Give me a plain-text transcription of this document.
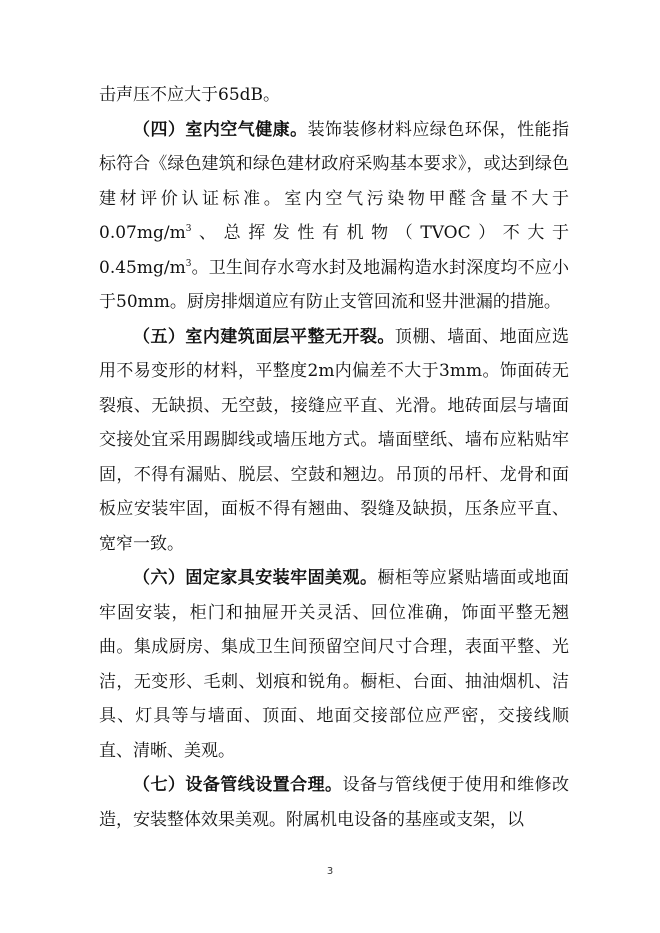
击声压不应大于65dB。

（四）室内空气健康。装饰装修材料应绿色环保，性能指标符合《绿色建筑和绿色建材政府采购基本要求》，或达到绿色建材评价认证标准。室内空气污染物甲醛含量不大于$0.07mg/m^3$、总挥发性有机物（TVOC）不大于$0.45mg/m^3$。卫生间存水弯水封及地漏构造水封深度均不应小于50mm。厨房排烟道应有防止支管回流和竖井泄漏的措施。

（五）室内建筑面层平整无开裂。顶棚、墙面、地面应选用不易变形的材料，平整度2m内偏差不大于3mm。饰面砖无裂痕、无缺损、无空鼓，接缝应平直、光滑。地砖面层与墙面交接处宜采用踢脚线或墙压地方式。墙面壁纸、墙布应粘贴牢固，不得有漏贴、脱层、空鼓和翘边。吊顶的吊杆、龙骨和面板应安装牢固，面板不得有翘曲、裂缝及缺损，压条应平直、宽窄一致。

（六）固定家具安装牢固美观。橱柜等应紧贴墙面或地面牢固安装，柜门和抽屉开关灵活、回位准确，饰面平整无翘曲。集成厨房、集成卫生间预留空间尺寸合理，表面平整、光洁，无变形、毛刺、划痕和锐角。橱柜、台面、抽油烟机、洁具、灯具等与墙面、顶面、地面交接部位应严密，交接线顺直、清晰、美观。

（七）设备管线设置合理。设备与管线便于使用和维修改造，安装整体效果美观。附属机电设备的基座或支架，以

3
